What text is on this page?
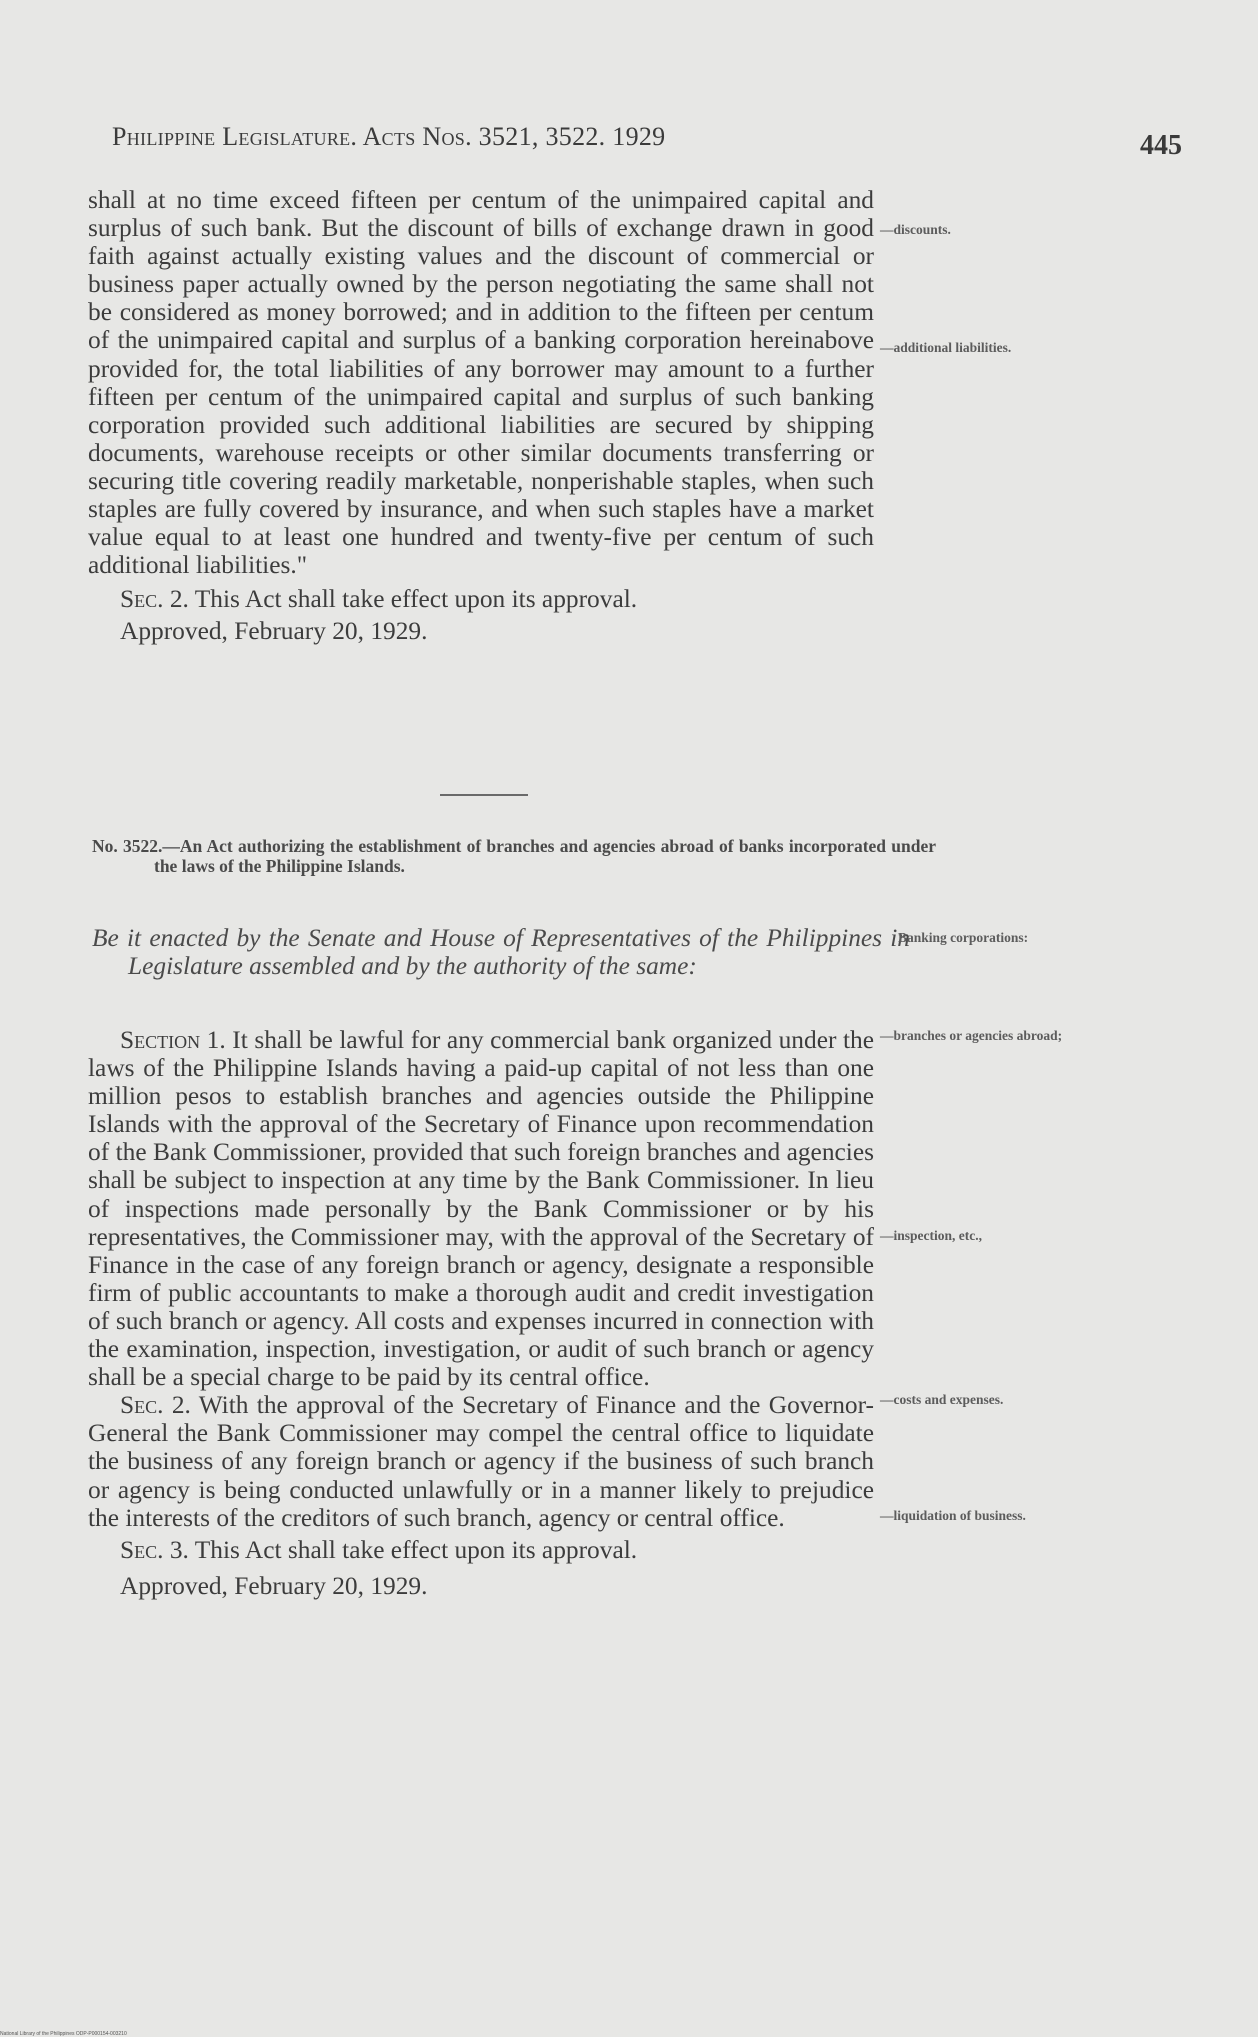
Philippine Legislature. Acts Nos. 3521, 3522. 1929	445

shall at no time exceed fifteen per centum of the unimpaired capital and surplus of such bank. But the discount of bills of exchange drawn in good faith against actually existing values and the discount of commercial or business paper actually owned by the person negotiating the same shall not be considered as money borrowed; and in addition to the fifteen per centum of the unimpaired capital and surplus of a banking corporation hereinabove provided for, the total liabilities of any borrower may amount to a further fifteen per centum of the unimpaired capital and surplus of such banking corporation provided such additional liabilities are secured by shipping documents, warehouse receipts or other similar documents transferring or securing title covering readily marketable, nonperishable staples, when such staples are fully covered by insurance, and when such staples have a market value equal to at least one hundred and twenty-five per centum of such additional liabilities."

Sec. 2. This Act shall take effect upon its approval.

Approved, February 20, 1929.

No. 3522.—An Act authorizing the establishment of branches and agencies abroad of banks incorporated under the laws of the Philippine Islands.
Be it enacted by the Senate and House of Representatives of the Philippines in Legislature assembled and by the authority of the same:

Section 1. It shall be lawful for any commercial bank organized under the laws of the Philippine Islands having a paid-up capital of not less than one million pesos to establish branches and agencies outside the Philippine Islands with the approval of the Secretary of Finance upon recommendation of the Bank Commissioner, provided that such foreign branches and agencies shall be subject to inspection at any time by the Bank Commissioner. In lieu of inspections made personally by the Bank Commissioner or by his representatives, the Commissioner may, with the approval of the Secretary of Finance in the case of any foreign branch or agency, designate a responsible firm of public accountants to make a thorough audit and credit investigation of such branch or agency. All costs and expenses incurred in connection with the examination, inspection, investigation, or audit of such branch or agency shall be a special charge to be paid by its central office.

Sec. 2. With the approval of the Secretary of Finance and the Governor-General the Bank Commissioner may compel the central office to liquidate the business of any foreign branch or agency if the business of such branch or agency is being conducted unlawfully or in a manner likely to prejudice the interests of the creditors of such branch, agency or central office.

Sec. 3. This Act shall take effect upon its approval.

Approved, February 20, 1929.

—discounts.
—additional liabilities.
Banking corporations:
—branches or agencies abroad;
—inspection, etc.,
—costs and expenses.
—liquidation of business.
National Library of the Philippines ODP-P000154-003210
